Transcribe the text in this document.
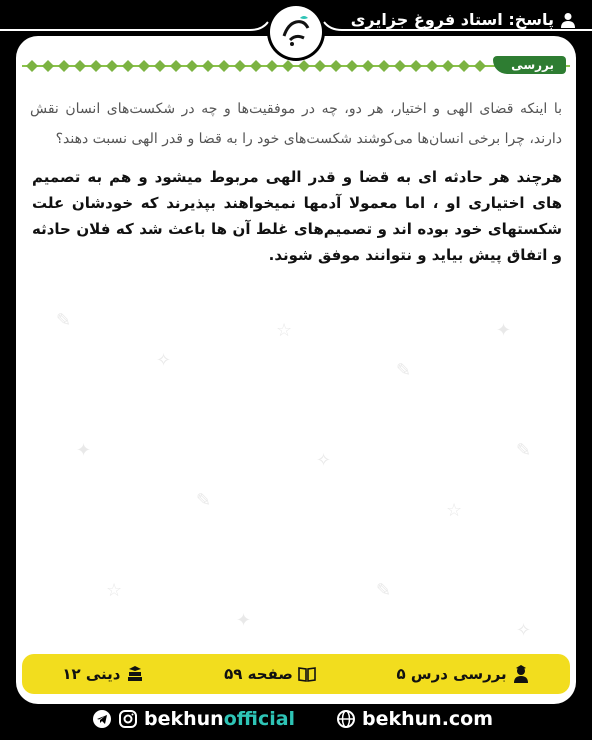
پاسخ: استاد فروغ جزایری
✎
✧
☆
✎
✦
✦
✎
✧
☆
☆
✦
✎
✧
✎
بررسی
با اینکه قضای الهی و اختیار، هر دو، چه در موفقیت‌ها و چه در شکست‌های انسان نقش دارند، چرا برخی انسان‌ها می‌کوشند شکست‌های خود را به قضا و قدر الهی نسبت دهند؟
هرچند هر حادثه ای به قضا و قدر الهی مربوط میشود و هم به تصمیم های اختیاری او ، اما معمولا آدمها نمیخواهند بپذیرند که خودشان علت شکستهای خود بوده اند و تصمیم‌های غلط آن ها باعث شد که فلان حادثه و اتفاق پیش بیاید و نتوانند موفق شوند.
بررسی درس ۵
صفحه ۵۹
دینی ۱۲
bekhunofficial	bekhun.com
